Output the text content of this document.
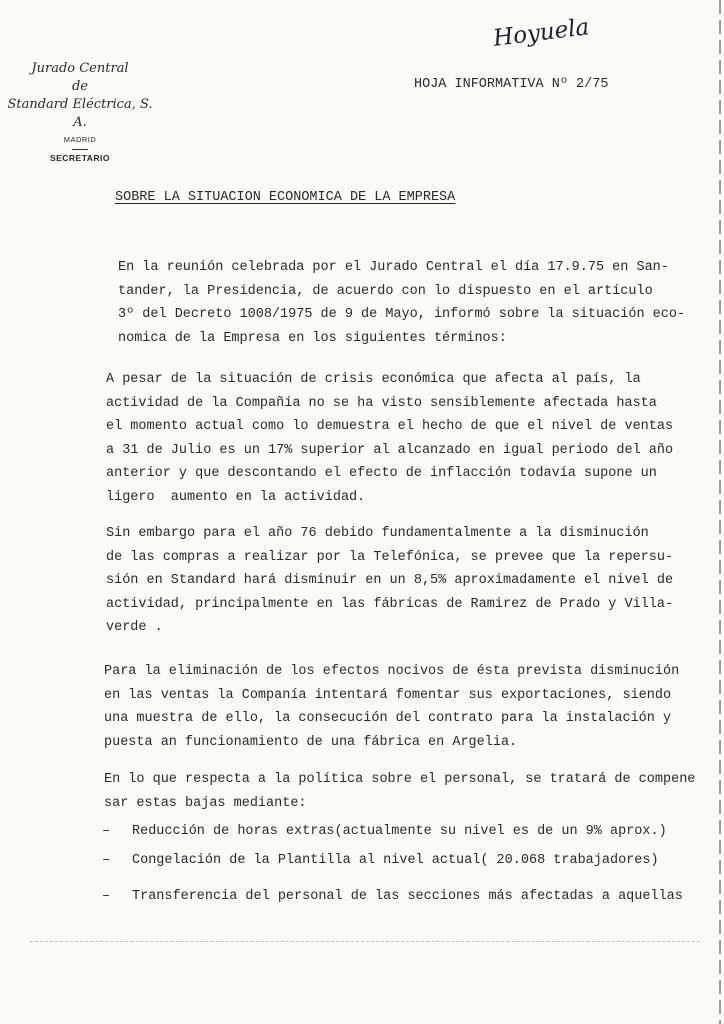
Hoyuela
Jurado Central
de
Standard Eléctrica, S. A.
MADRID
SECRETARIO
HOJA INFORMATIVA Nº 2/75
SOBRE LA SITUACION ECONOMICA DE LA EMPRESA

En la reunión celebrada por el Jurado Central el día 17.9.75 en San-
tander, la Presidencia, de acuerdo con lo dispuesto en el artículo
3º del Decreto 1008/1975 de 9 de Mayo, informó sobre la situación eco-
nomica de la Empresa en los siguientes términos:

A pesar de la situación de crisis económica que afecta al país, la
actividad de la Compañía no se ha visto sensiblemente afectada hasta
el momento actual como lo demuestra el hecho de que el nivel de ventas
a 31 de Julio es un 17% superior al alcanzado en igual periodo del año
anterior y que descontando el efecto de inflacción todavía supone un
ligero  aumento en la actividad.

Sin embargo para el año 76 debido fundamentalmente a la disminución
de las compras a realizar por la Telefónica, se prevee que la repersu-
sión en Standard hará disminuir en un 8,5% aproximadamente el nivel de
actividad, principalmente en las fábricas de Ramirez de Prado y Villa-
verde .

Para la eliminación de los efectos nocivos de ésta prevista disminución
en las ventas la Companía intentará fomentar sus exportaciones, siendo
una muestra de ello, la consecución del contrato para la instalación y
puesta an funcionamiento de una fábrica en Argelia.

En lo que respecta a la política sobre el personal, se tratará de compene
sar estas bajas mediante:

– Reducción de horas extras(actualmente su nivel es de un 9% aprox.)
– Congelación de la Plantilla al nivel actual( 20.068 trabajadores)
– Transferencia del personal de las secciones más afectadas a aquellas
